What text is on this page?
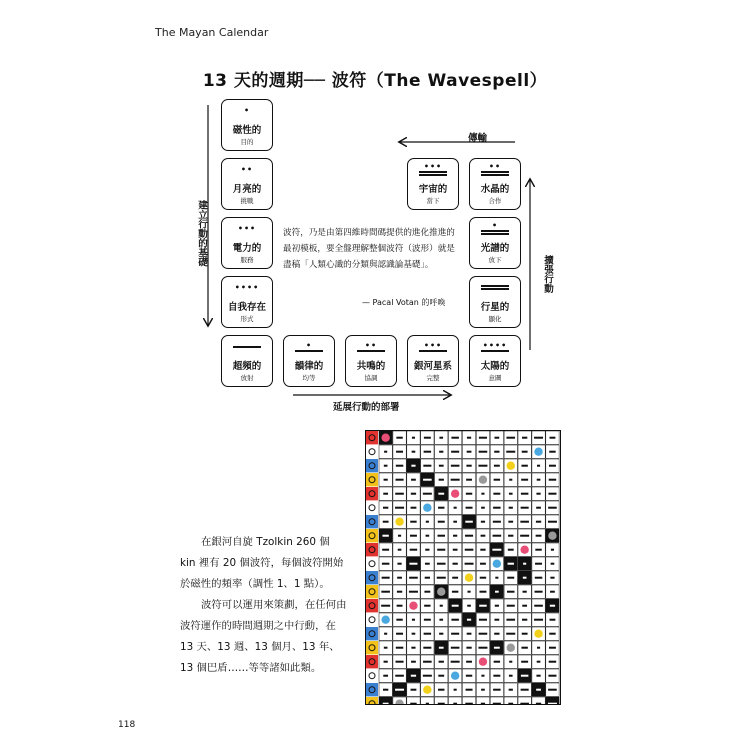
The Mayan Calendar
13 天的週期── 波符（The Wavespell）
•
磁性的
目的
••
月亮的
挑戰
•••
電力的
服務
••••
自我存在
形式
超頻的
放射
•
韻律的
均等
••
共鳴的
協調
•••
銀河星系
完整
••••
太陽的
意圖
行星的
顯化
•
光譜的
放下
••
水晶的
合作
•••
宇宙的
當下
傳輸
建立行動的基礎
擴張行動
延展行動的部署
波符，乃是由第四維時間碼提供的進化推進的最初模板，要全盤理解整個波符（波形）就是盡稿「人類心識的分類與認識論基礎」。
— Pacal Votan 的呼喚

在銀河自旋 Tzolkin 260 個 kin 裡有 20 個波符，每個波符開始於磁性的頻率（調性 1、1 點）。

波符可以運用來策劃，在任何由波符運作的時間週期之中行動，在 13 天、13 週、13 個月、13 年、13 個巴盾……等等諸如此類。

118
